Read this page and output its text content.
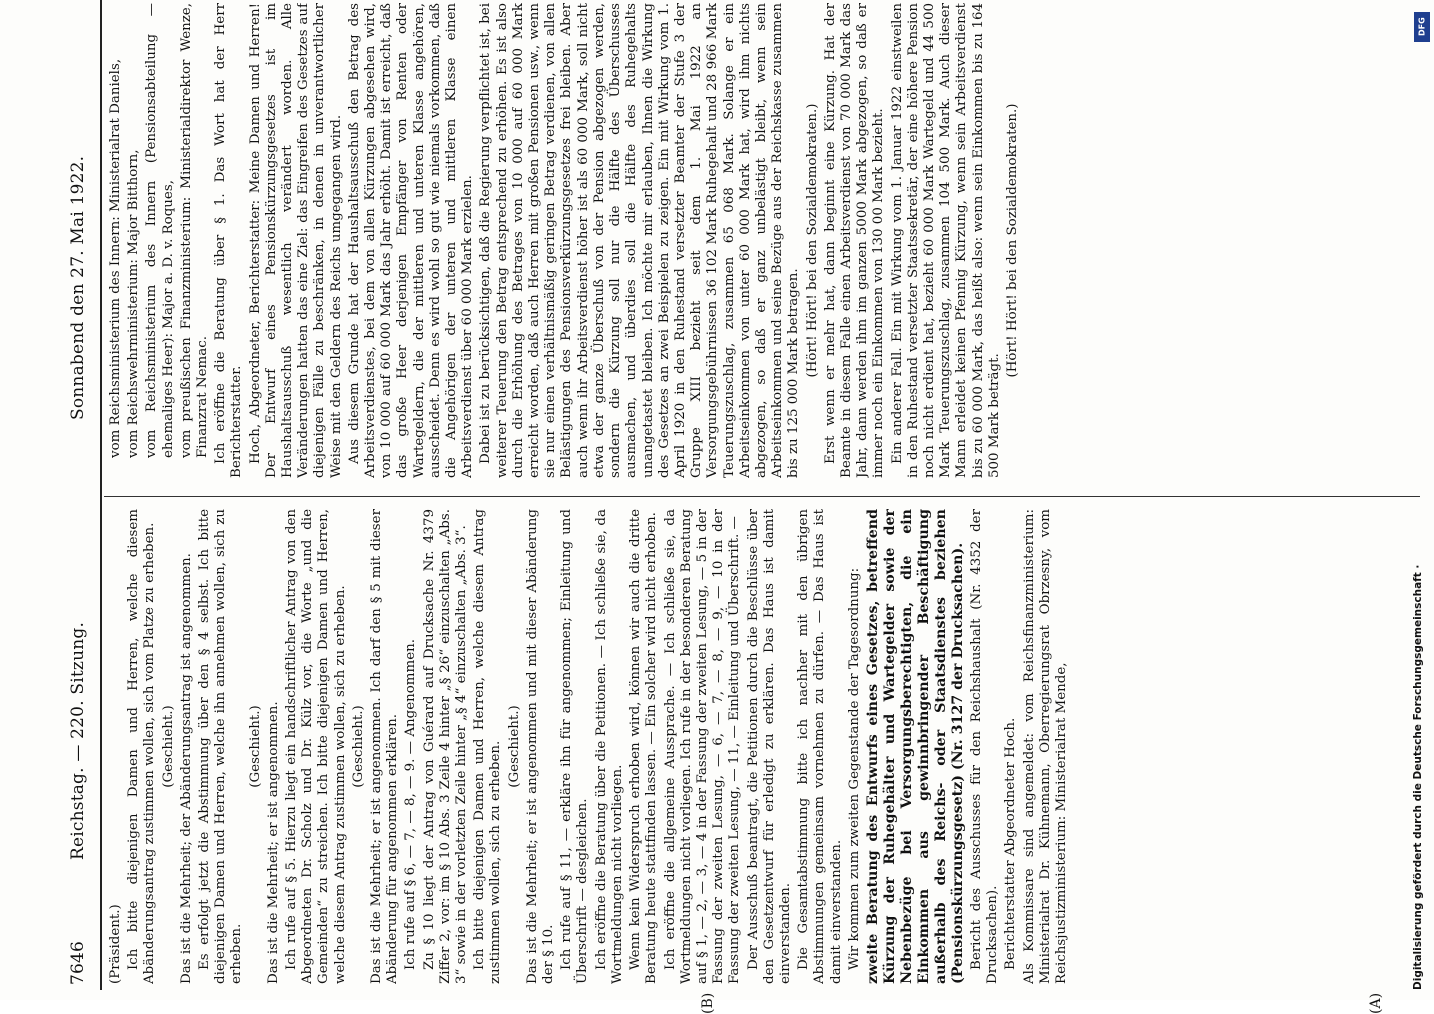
7646
Reichstag. — 220. Sitzung.
Sonnabend den 27. Mai 1922.

(Präsident.) Ich bitte diejenigen Damen und Herren, welche diesem Abänderungsantrag zustimmen wollen, sich vom Platze zu erheben. (Geschieht.) Das ist die Mehrheit; der Abänderungsantrag ist angenommen. Es erfolgt jetzt die Abstimmung über den § 4 selbst. Ich bitte diejenigen Damen und Herren, welche ihn annehmen wollen, sich zu erheben.

(Geschieht.) Das ist die Mehrheit; er ist angenommen. Ich rufe auf § 5. Hierzu liegt ein handschriftlicher Antrag von den Abgeordneten Dr. Scholz und Dr. Külz vor, die Worte „und die Gemeinden“ zu streichen. Ich bitte diejenigen Damen und Herren, welche diesem Antrag zustimmen wollen, sich zu erheben. (Geschieht.) Das ist die Mehrheit; er ist angenommen. Ich darf den § 5 mit dieser Abänderung für angenommen erklären. Ich rufe auf § 6, — 7, — 8, — 9. — Angenommen. Zu § 10 liegt der Antrag von Guérard auf Drucksache Nr. 4379 Ziffer 2, vor: im § 10 Abs. 3 Zeile 4 hinter „§ 26“ einzuschalten „Abs. 3“ sowie in der vorletzten Zeile hinter „§ 4“ einzuschalten „Abs. 3“. Ich bitte diejenigen Damen und Herren, welche diesem Antrag zustimmen wollen, sich zu erheben. (Geschieht.) Das ist die Mehrheit; er ist angenommen und mit dieser Abänderung der § 10. Ich rufe auf § 11, — erkläre ihn für angenommen; Einleitung und Überschrift — desgleichen. Ich eröffne die Beratung über die Petitionen. — Ich schließe sie, da Wortmeldungen nicht vorliegen. Wenn kein Widerspruch erhoben wird, können wir auch die dritte Beratung heute stattfinden lassen. — Ein solcher wird nicht erhoben. Ich eröffne die allgemeine Aussprache. — Ich schließe sie, da Wortmeldungen nicht vorliegen. Ich rufe in der besonderen Beratung auf § 1, — 2, — 3, — 4 in der Fassung der zweiten Lesung, — 5 in der Fassung der zweiten Lesung, — 6, — 7, — 8, — 9, — 10 in der Fassung der zweiten Lesung, — 11, — Einleitung und Überschrift. — Der Ausschuß beantragt, die Petitionen durch die Beschlüsse über den Gesetzentwurf für erledigt zu erklären. Das Haus ist damit einverstanden. Die Gesamtabstimmung bitte ich nachher mit den übrigen Abstimmungen gemeinsam vornehmen zu dürfen. — Das Haus ist damit einverstanden. Wir kommen zum zweiten Gegenstande der Tagesordnung: zweite Beratung des Entwurfs eines Gesetzes, betreffend Kürzung der Ruhegehälter und Wartegelder sowie der Nebenbezüge bei Versorgungsberechtigten, die ein Einkommen aus gewinnbringender Beschäftigung außerhalb des Reichs- oder Staatsdienstes beziehen (Pensionskürzungsgesetz) (Nr. 3127 der Drucksachen). Bericht des Ausschusses für den Reichshaushalt (Nr. 4352 der Drucksachen). Berichterstatter Abgeordneter Hoch. Als Kommissare sind angemeldet: vom Reichsfinanzministerium: Ministerialrat Dr. Kühnemann, Oberregierungsrat Obrzesny, vom Reichsjustizministerium: Ministerialrat Mende,

vom Reichsministerium des Innern: Ministerialrat Daniels, vom Reichswehrministerium: Major Bitthorn, vom Reichsministerium des Innern (Pensionsabteilung — ehemaliges Heer): Major a. D. v. Roques, vom preußischen Finanzministerium: Ministerialdirektor Wenze, Finanzrat Nemac. Ich eröffne die Beratung über § 1. Das Wort hat der Herr Berichterstatter. Hoch, Abgeordneter, Berichterstatter: Meine Damen und Herren! Der Entwurf eines Pensionskürzungsgesetzes ist im Haushaltsausschuß wesentlich verändert worden. Alle Veränderungen hatten das eine Ziel: das Eingreifen des Gesetzes auf diejenigen Fälle zu beschränken, in denen in unverantwortlicher Weise mit den Geldern des Reichs umgegangen wird. Aus diesem Grunde hat der Haushaltsausschuß den Betrag des Arbeitsverdienstes, bei dem von allen Kürzungen abgesehen wird, von 10 000 auf 60 000 Mark das Jahr erhöht. Damit ist erreicht, daß das große Heer derjenigen Empfänger von Renten oder Wartegeldern, die der mittleren und unteren Klasse angehören, ausscheidet. Denn es wird wohl so gut wie niemals vorkommen, daß die Angehörigen der unteren und mittleren Klasse einen Arbeitsverdienst über 60 000 Mark erzielen. Dabei ist zu berücksichtigen, daß die Regierung verpflichtet ist, bei weiterer Teuerung den Betrag entsprechend zu erhöhen. Es ist also durch die Erhöhung des Betrages von 10 000 auf 60 000 Mark erreicht worden, daß auch Herren mit großen Pensionen usw., wenn sie nur einen verhältnismäßig geringen Betrag verdienen, von allen Belästigungen des Pensionsverkürzungsgesetzes frei bleiben. Aber auch wenn ihr Arbeitsverdienst höher ist als 60 000 Mark, soll nicht etwa der ganze Überschuß von der Pension abgezogen werden, sondern die Kürzung soll nur die Hälfte des Überschusses ausmachen, und überdies soll die Hälfte des Ruhegehalts unangetastet bleiben. Ich möchte mir erlauben, Ihnen die Wirkung des Gesetzes an zwei Beispielen zu zeigen. Ein mit Wirkung vom 1. April 1920 in den Ruhestand versetzter Beamter der Stufe 3 der Gruppe XIII bezieht seit dem 1. Mai 1922 an Versorgungsgebührnissen 36 102 Mark Ruhegehalt und 28 966 Mark Teuerungszuschlag, zusammen 65 068 Mark. Solange er ein Arbeitseinkommen von unter 60 000 Mark hat, wird ihm nichts abgezogen, so daß er ganz unbelästigt bleibt, wenn sein Arbeitseinkommen und seine Bezüge aus der Reichskasse zusammen bis zu 125 000 Mark betragen. (Hört! Hört! bei den Sozialdemokraten.) Erst wenn er mehr hat, dann beginnt eine Kürzung. Hat der Beamte in diesem Falle einen Arbeitsverdienst von 70 000 Mark das Jahr, dann werden ihm im ganzen 5000 Mark abgezogen, so daß er immer noch ein Einkommen von 130 00 Mark bezieht. Ein anderer Fall. Ein mit Wirkung vom 1. Januar 1922 einstweilen in den Ruhestand versetzter Staatssekretär, der eine höhere Pension noch nicht erdient hat, bezieht 60 000 Mark Wartegeld und 44 500 Mark Teuerungszuschlag, zusammen 104 500 Mark. Auch dieser Mann erleidet keinen Pfennig Kürzung, wenn sein Arbeitsverdienst bis zu 60 000 Mark, das heißt also: wenn sein Einkommen bis zu 164 500 Mark beträgt.

(Hört! Hört! bei den Sozialdemokraten.)

(A)
(B)
DFG
Digitalisierung gefördert durch die Deutsche Forschungsgemeinschaft ·
